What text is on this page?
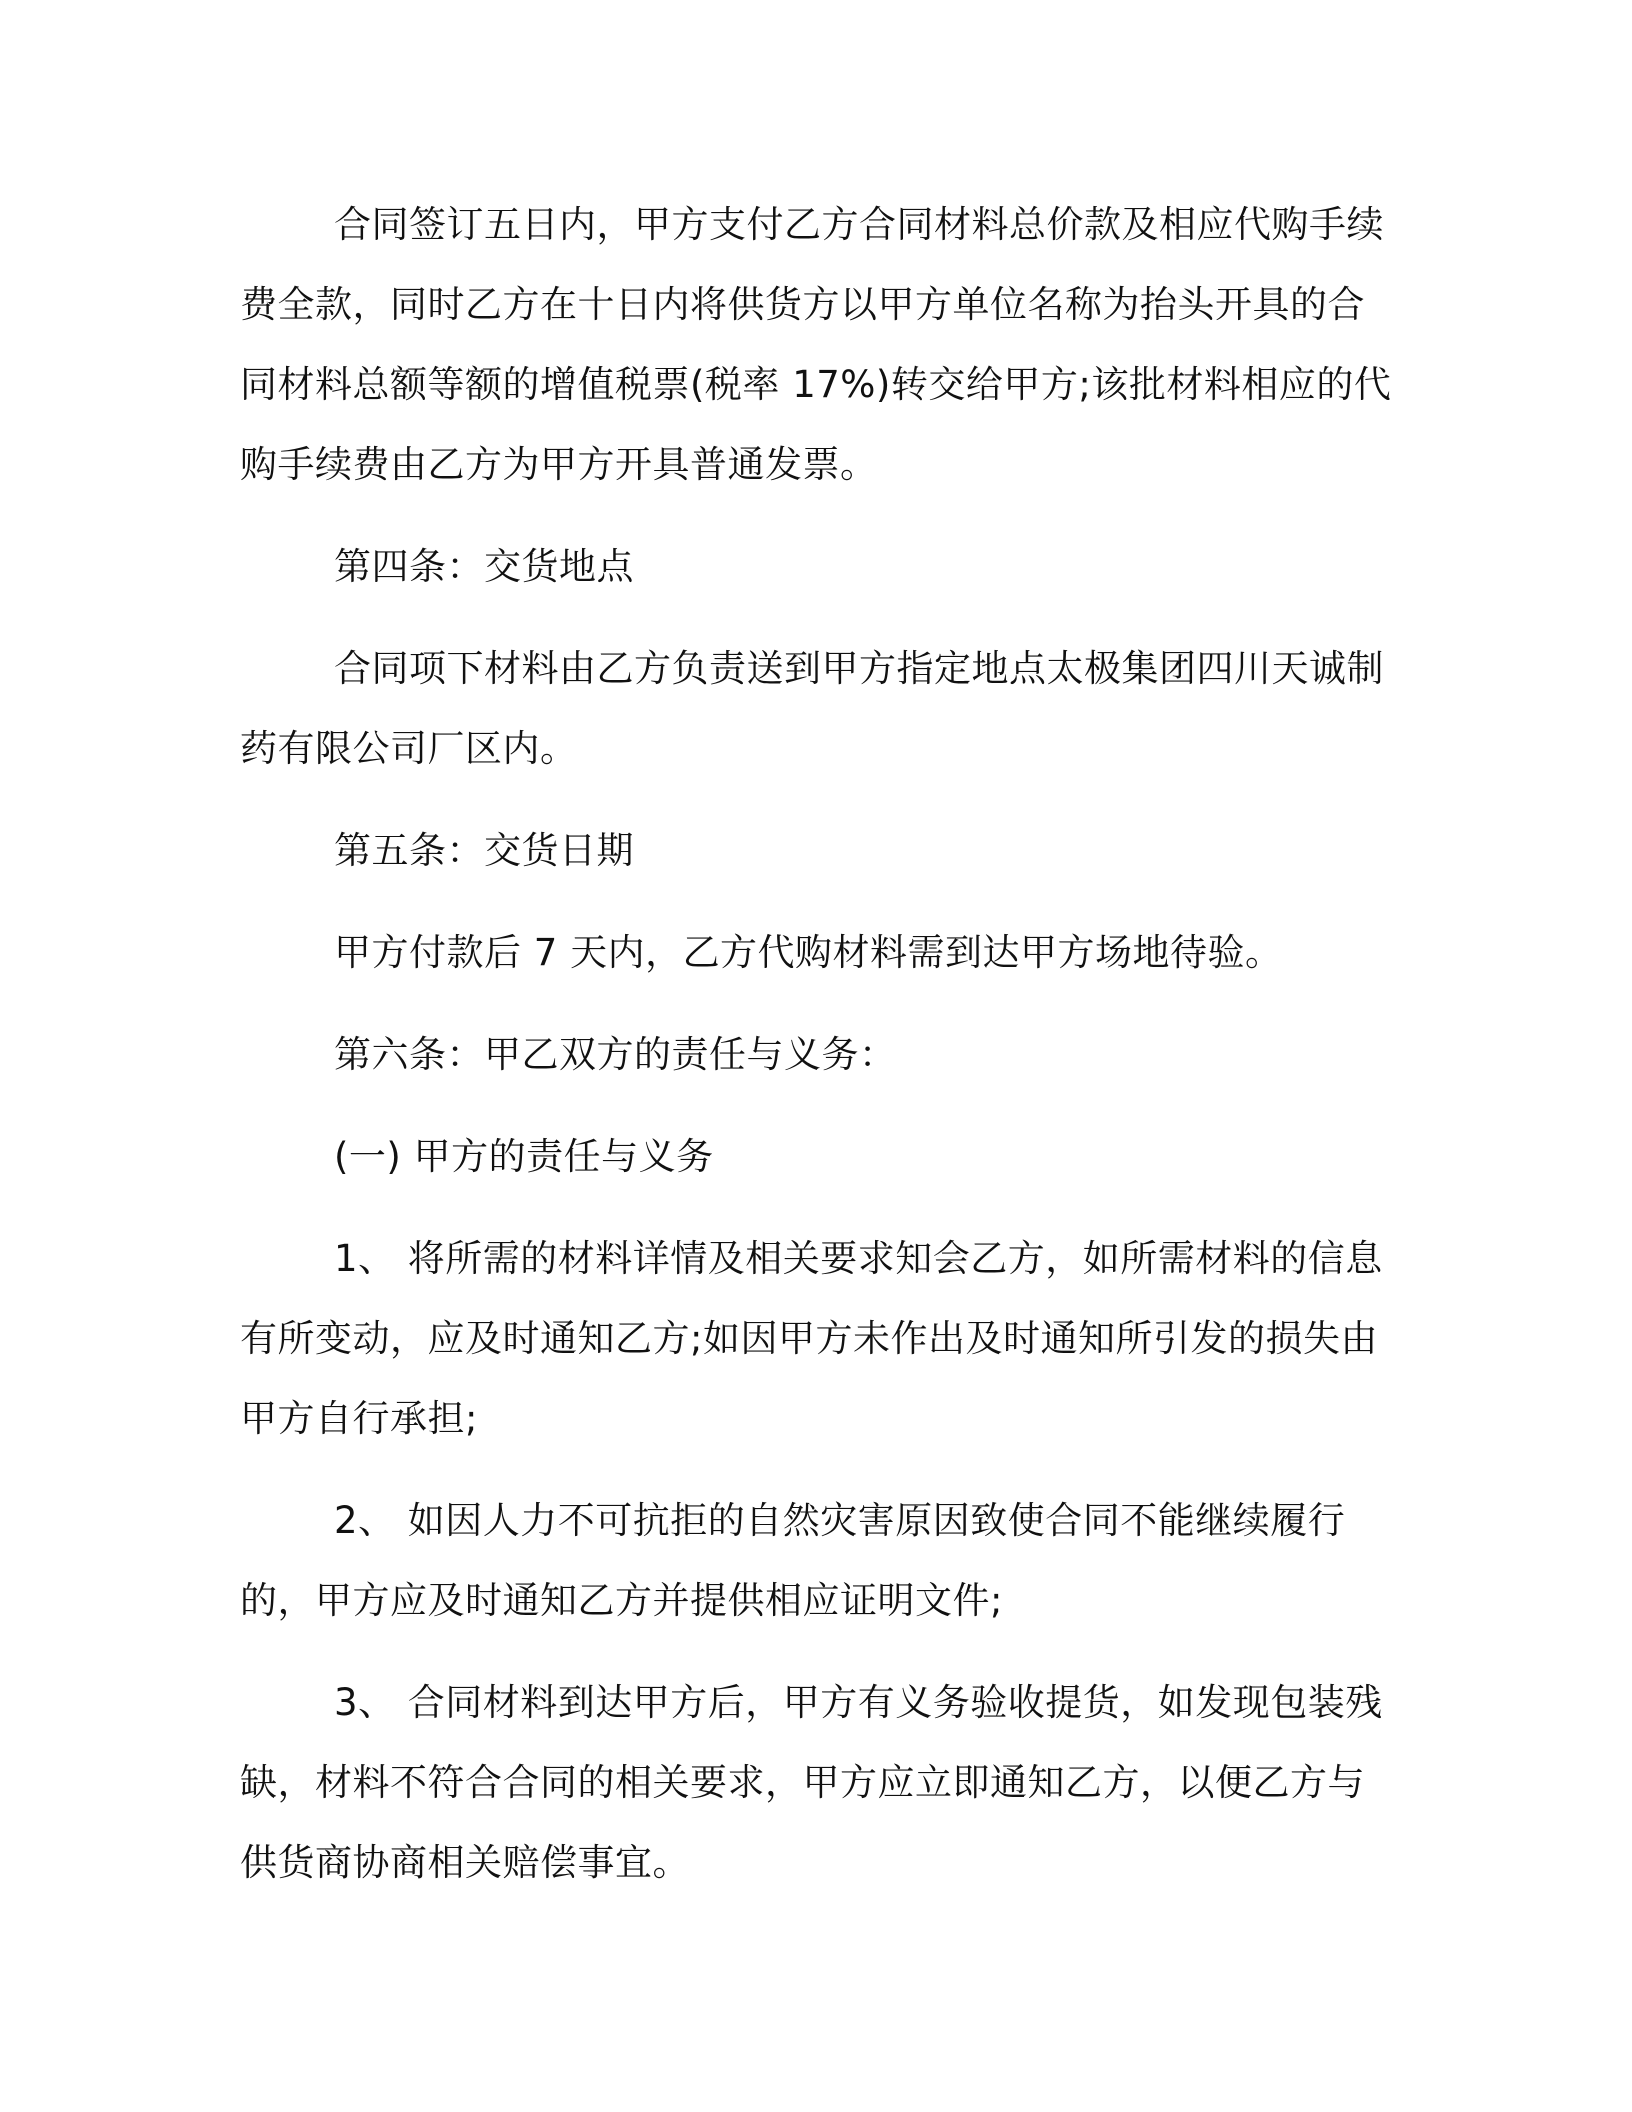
合同签订五日内，甲方支付乙方合同材料总价款及相应代购手续费全款，同时乙方在十日内将供货方以甲方单位名称为抬头开具的合同材料总额等额的增值税票(税率 17%)转交给甲方;该批材料相应的代购手续费由乙方为甲方开具普通发票。

第四条：交货地点

合同项下材料由乙方负责送到甲方指定地点太极集团四川天诚制药有限公司厂区内。

第五条：交货日期

甲方付款后 7 天内，乙方代购材料需到达甲方场地待验。

第六条：甲乙双方的责任与义务：

(一) 甲方的责任与义务

1、 将所需的材料详情及相关要求知会乙方，如所需材料的信息有所变动，应及时通知乙方;如因甲方未作出及时通知所引发的损失由甲方自行承担;

2、 如因人力不可抗拒的自然灾害原因致使合同不能继续履行的，甲方应及时通知乙方并提供相应证明文件;

3、 合同材料到达甲方后，甲方有义务验收提货，如发现包装残缺，材料不符合合同的相关要求，甲方应立即通知乙方，以便乙方与供货商协商相关赔偿事宜。
